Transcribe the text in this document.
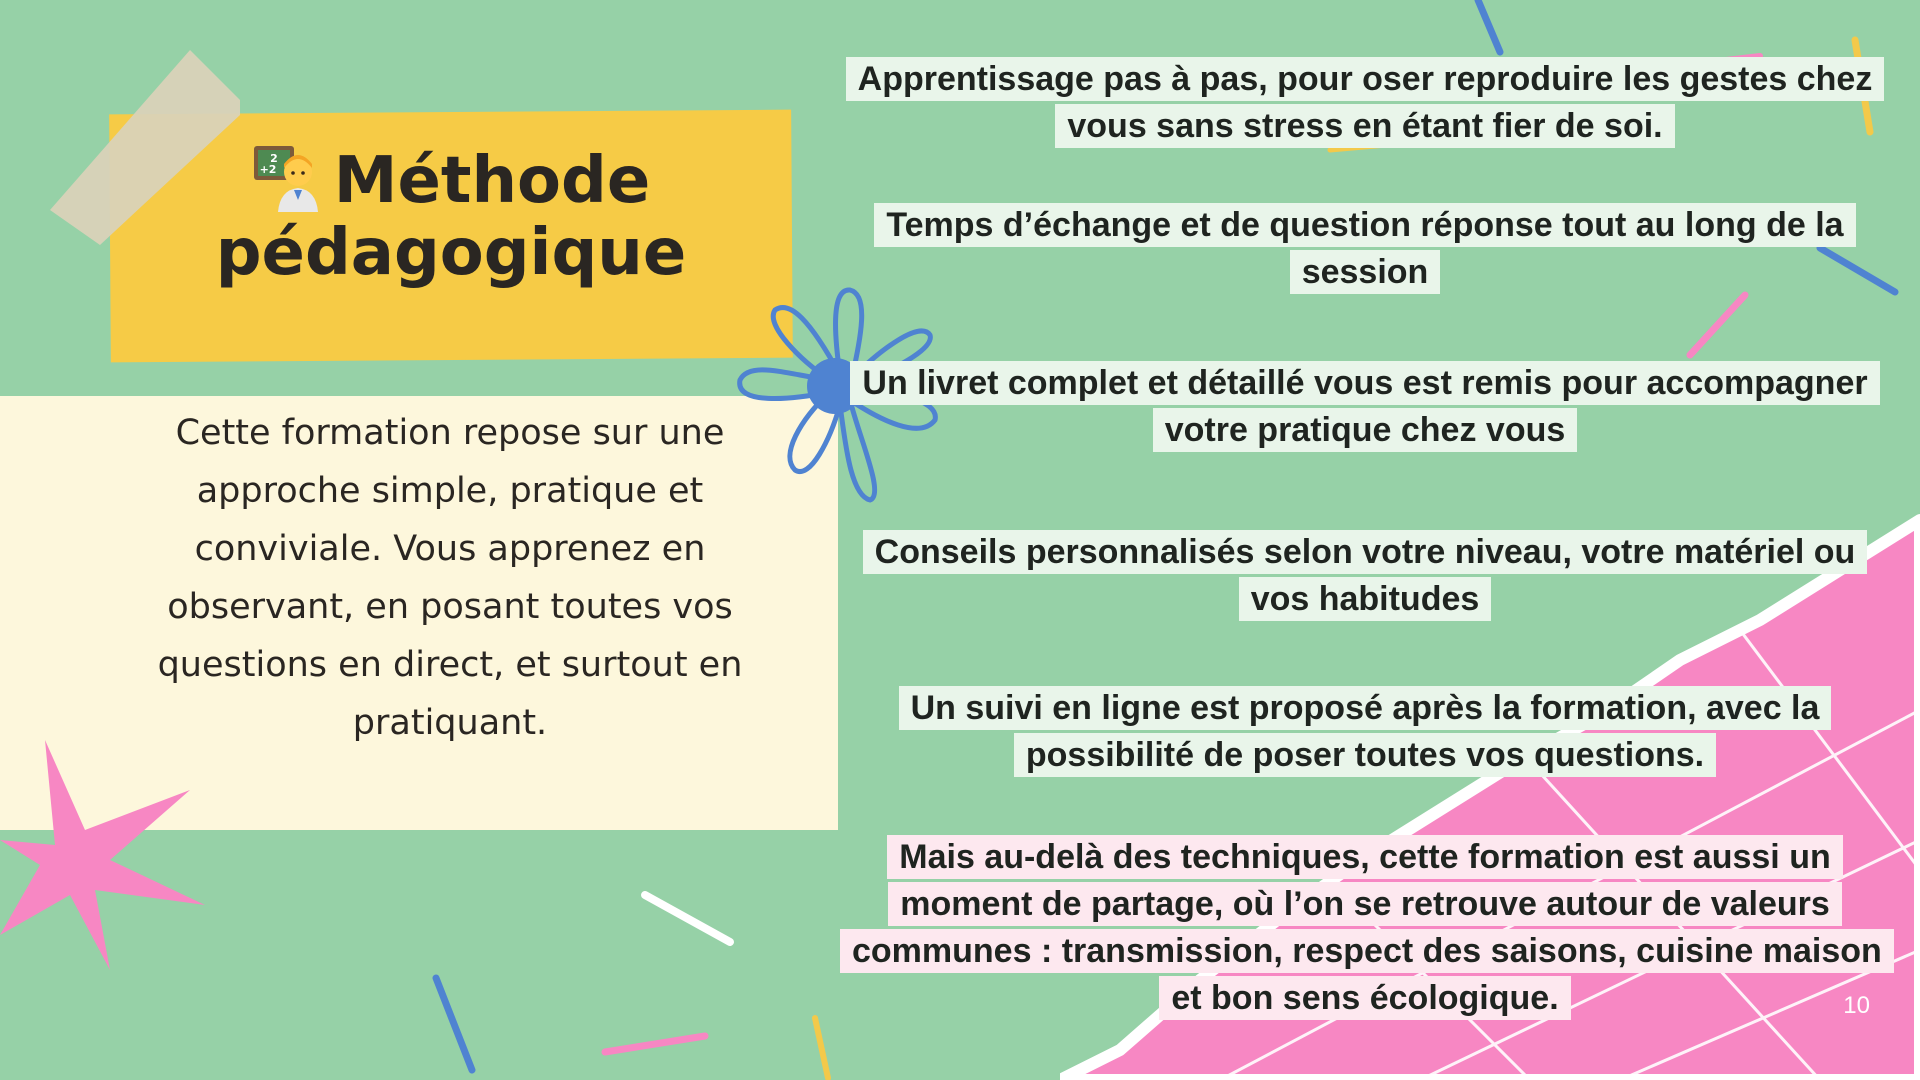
2
+2 Méthode pédagogique

Cette formation repose sur une approche simple, pratique et conviviale. Vous apprenez en observant, en posant toutes vos questions en direct, et surtout en pratiquant.

Apprentissage pas à pas, pour oser reproduire les gestes chez vous sans stress en étant fier de soi.

Temps d’échange et de question réponse tout au long de la session

Un livret complet et détaillé vous est remis pour accompagner votre pratique chez vous

Conseils personnalisés selon votre niveau, votre matériel ou vos habitudes

Un suivi en ligne est proposé après la formation, avec la possibilité de poser toutes vos questions.

Mais au-delà des techniques, cette formation est aussi un moment de partage, où l’on se retrouve autour de valeurs communes : transmission, respect des saisons, cuisine maison et bon sens écologique.	10
